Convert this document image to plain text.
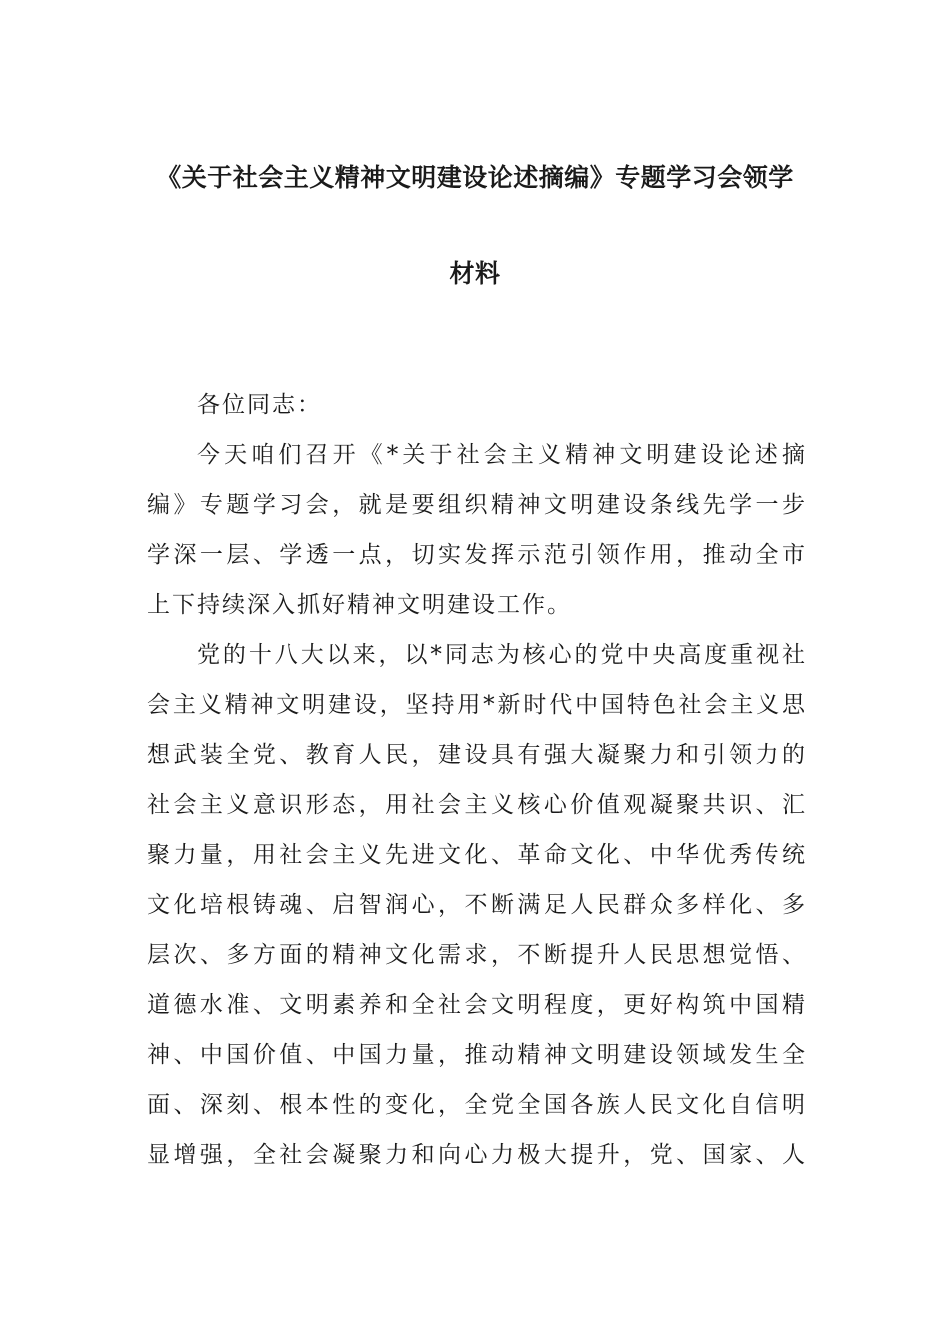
《关于社会主义精神文明建设论述摘编》专题学习会领学
材料
各位同志：
今天咱们召开《*关于社会主义精神文明建设论述摘
编》专题学习会，就是要组织精神文明建设条线先学一步
学深一层、学透一点，切实发挥示范引领作用，推动全市
上下持续深入抓好精神文明建设工作。
党的十八大以来，以*同志为核心的党中央高度重视社
会主义精神文明建设，坚持用*新时代中国特色社会主义思
想武装全党、教育人民，建设具有强大凝聚力和引领力的
社会主义意识形态，用社会主义核心价值观凝聚共识、汇
聚力量，用社会主义先进文化、革命文化、中华优秀传统
文化培根铸魂、启智润心，不断满足人民群众多样化、多
层次、多方面的精神文化需求，不断提升人民思想觉悟、
道德水准、文明素养和全社会文明程度，更好构筑中国精
神、中国价值、中国力量，推动精神文明建设领域发生全
面、深刻、根本性的变化，全党全国各族人民文化自信明
显增强，全社会凝聚力和向心力极大提升，党、国家、人
